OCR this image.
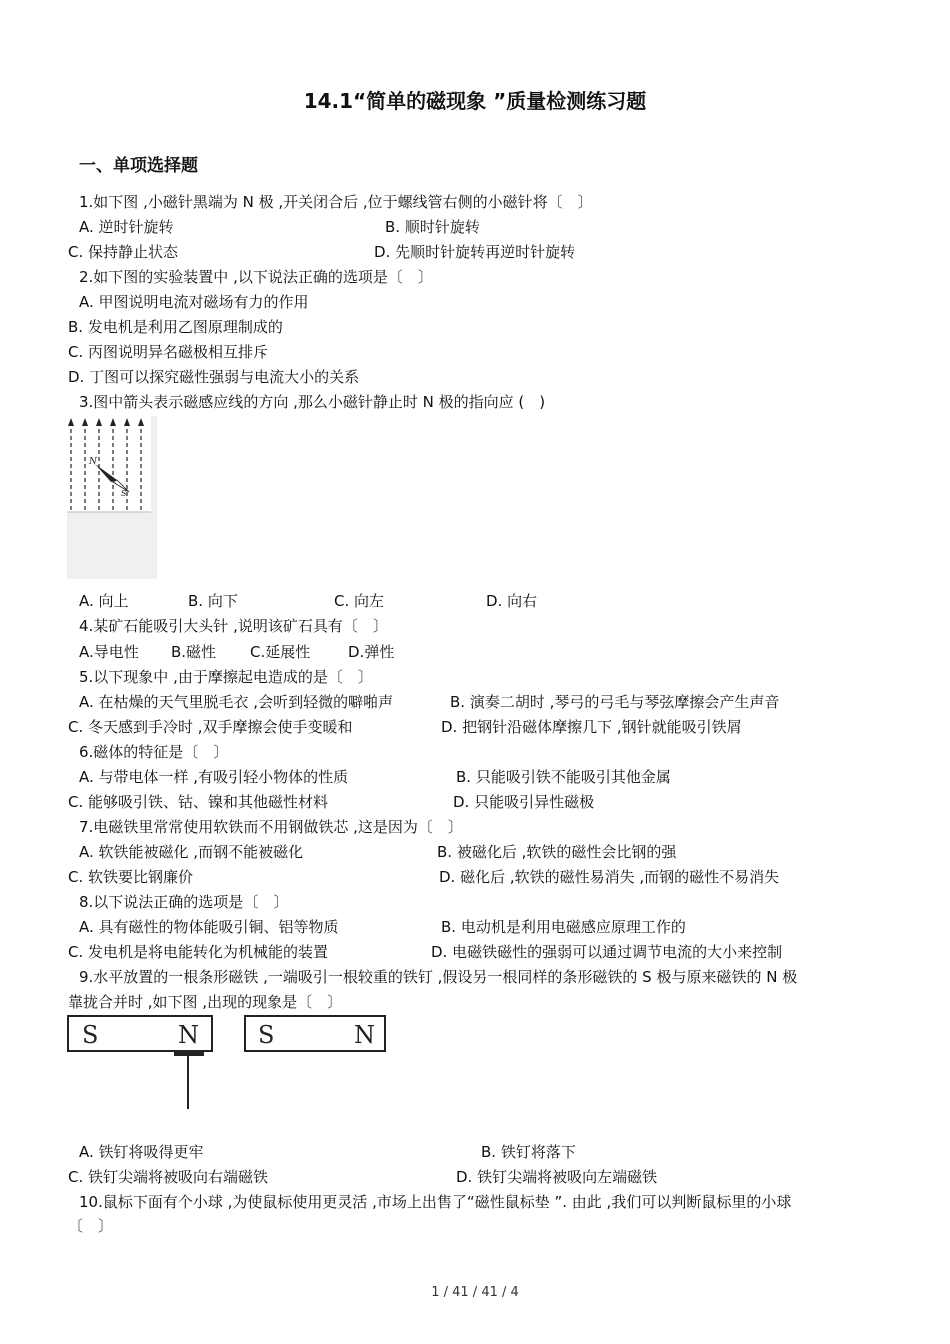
14.1“简单的磁现象 ”质量检测练习题
一、单项选择题
1.如下图 ,小磁针黑端为 N 极 ,开关闭合后 ,位于螺线管右侧的小磁针将〔　〕
A. 逆时针旋转	B. 顺时针旋转
C. 保持静止状态	D. 先顺时针旋转再逆时针旋转
2.如下图的实验装置中 ,以下说法正确的选项是〔　〕
A. 甲图说明电流对磁场有力的作用
B. 发电机是利用乙图原理制成的
C. 丙图说明异名磁极相互排斥
D. 丁图可以探究磁性强弱与电流大小的关系
3.图中箭头表示磁感应线的方向 ,那么小磁针静止时 N 极的指向应 (　)
N
S
A. 向上	B. 向下	C. 向左	D. 向右
4.某矿石能吸引大头针 ,说明该矿石具有〔　〕
A.导电性 B.磁性 C.延展性	D.弹性
5.以下现象中 ,由于摩擦起电造成的是〔　〕
A. 在枯燥的天气里脱毛衣 ,会听到轻微的噼啪声	B. 演奏二胡时 ,琴弓的弓毛与琴弦摩擦会产生声音
C. 冬天感到手冷时 ,双手摩擦会使手变暖和	D. 把钢针沿磁体摩擦几下 ,钢针就能吸引铁屑
6.磁体的特征是〔　〕
A. 与带电体一样 ,有吸引轻小物体的性质	B. 只能吸引铁不能吸引其他金属
C. 能够吸引铁、钴、镍和其他磁性材料	D. 只能吸引异性磁极
7.电磁铁里常常使用软铁而不用钢做铁芯 ,这是因为〔　〕
A. 软铁能被磁化 ,而钢不能被磁化	B. 被磁化后 ,软铁的磁性会比钢的强
C. 软铁要比钢廉价	D. 磁化后 ,软铁的磁性易消失 ,而钢的磁性不易消失
8.以下说法正确的选项是〔　〕
A. 具有磁性的物体能吸引铜、铝等物质	B. 电动机是利用电磁感应原理工作的
C. 发电机是将电能转化为机械能的装置	D. 电磁铁磁性的强弱可以通过调节电流的大小来控制
9.水平放置的一根条形磁铁 ,一端吸引一根较重的铁钉 ,假设另一根同样的条形磁铁的 S 极与原来磁铁的 N 极
靠拢合并时 ,如下图 ,出现的现象是〔　〕
S	N S	N
A. 铁钉将吸得更牢	B. 铁钉将落下
C. 铁钉尖端将被吸向右端磁铁	D. 铁钉尖端将被吸向左端磁铁
10.鼠标下面有个小球 ,为使鼠标使用更灵活 ,市场上出售了“磁性鼠标垫 ”. 由此 ,我们可以判断鼠标里的小球
〔　〕
1 / 41 / 41 / 4
